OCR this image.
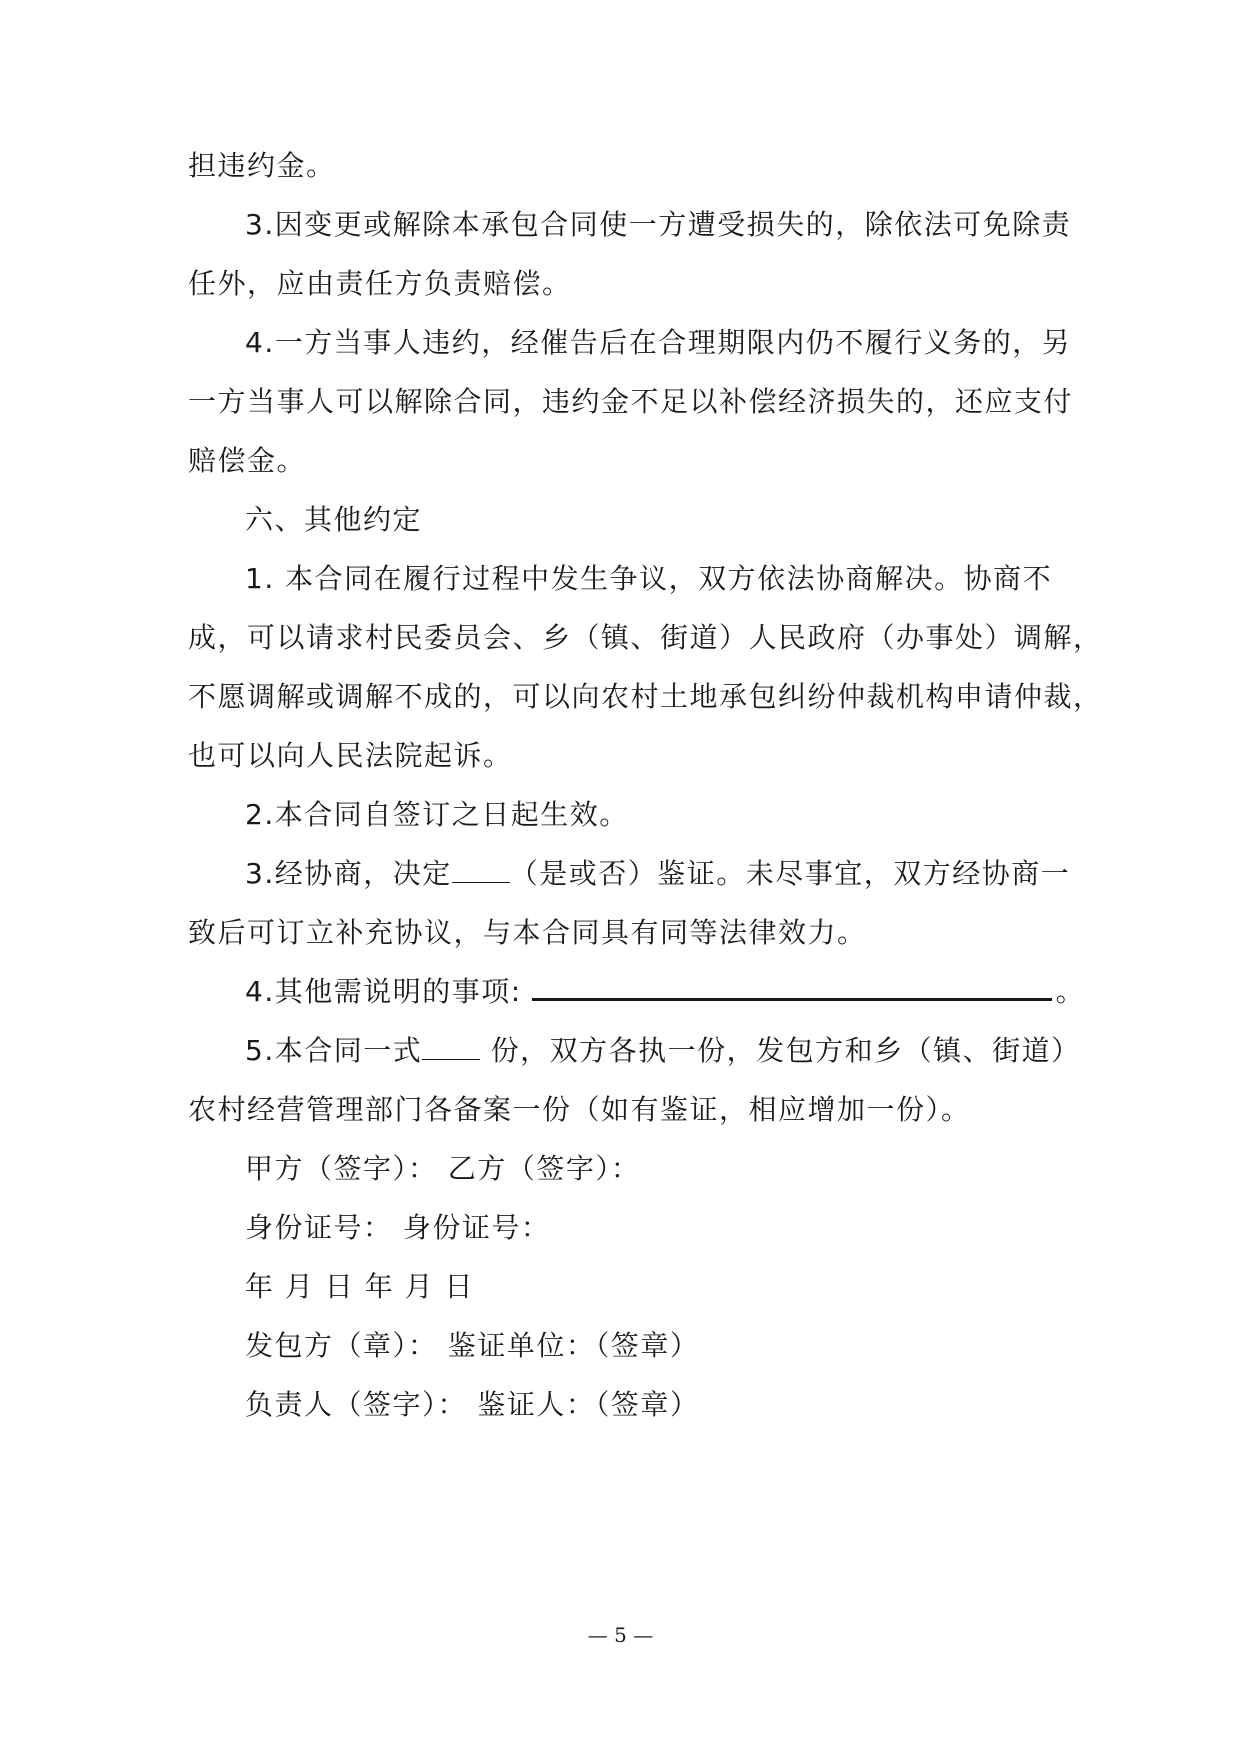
担违约金。
3.因变更或解除本承包合同使一方遭受损失的，除依法可免除责
任外，应由责任方负责赔偿。
4.一方当事人违约，经催告后在合理期限内仍不履行义务的，另
一方当事人可以解除合同，违约金不足以补偿经济损失的，还应支付
赔偿金。
六、其他约定
1. 本合同在履行过程中发生争议，双方依法协商解决。协商不
成，可以请求村民委员会、乡（镇、街道）人民政府（办事处）调解，
不愿调解或调解不成的，可以向农村土地承包纠纷仲裁机构申请仲裁，
也可以向人民法院起诉。
2.本合同自签订之日起生效。
3.经协商，决定 （是或否）鉴证。未尽事宜，双方经协商一
致后可订立补充协议，与本合同具有同等法律效力。
4.其他需说明的事项:	。
5.本合同一式 份，双方各执一份，发包方和乡（镇、街道）
农村经营管理部门各备案一份（如有鉴证，相应增加一份）。
甲方（签字）： 乙方（签字）：
身份证号： 身份证号：
年 月 日 年 月 日
发包方（章）： 鉴证单位：（签章）
负责人（签字）： 鉴证人：（签章）
— 5 —
